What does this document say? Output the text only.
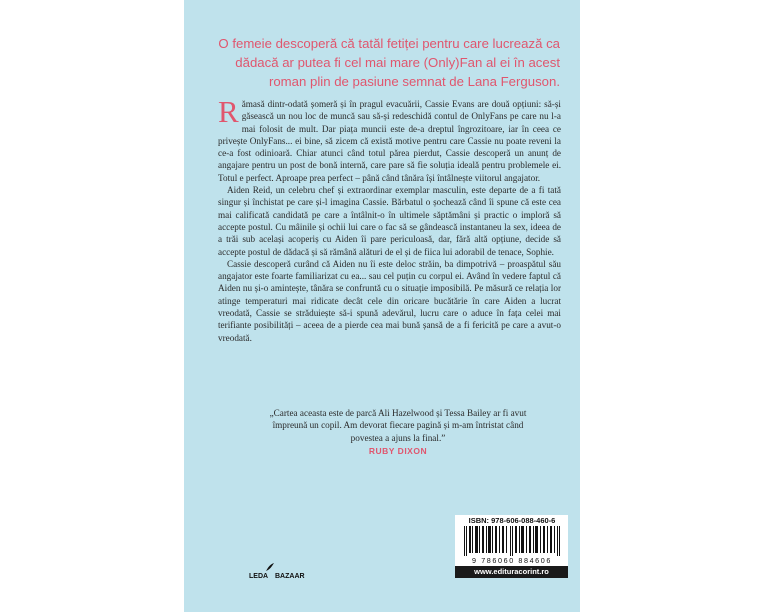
O femeie descoperă că tatăl fetiței pentru care lucrează ca dădacă ar putea fi cel mai mare (Only)Fan al ei în acest roman plin de pasiune semnat de Lana Ferguson.

Rămasă dintr-odată șomeră și în pragul evacuării, Cassie Evans are două opțiuni: să-și găsească un nou loc de muncă sau să-și redeschidă contul de OnlyFans pe care nu l-a mai folosit de mult. Dar piața muncii este de-a dreptul îngrozitoare, iar în ceea ce privește OnlyFans... ei bine, să zicem că există motive pentru care Cassie nu poate reveni la ce-a fost odinioară. Chiar atunci când totul părea pierdut, Cassie descoperă un anunț de angajare pentru un post de bonă internă, care pare să fie soluția ideală pentru problemele ei. Totul e perfect. Aproape prea perfect – până când tânăra își întâlnește viitorul angajator.

Aiden Reid, un celebru chef și extraordinar exemplar masculin, este departe de a fi tată singur și închistat pe care și-l imagina Cassie. Bărbatul o șochează când îi spune că este cea mai calificată candidată pe care a întâlnit-o în ultimele săptămâni și practic o imploră să accepte postul. Cu mâinile și ochii lui care o fac să se gândească instantaneu la sex, ideea de a trăi sub același acoperiș cu Aiden îi pare periculoasă, dar, fără altă opțiune, decide să accepte postul de dădacă și să rămână alături de el și de fiica lui adorabil de tenace, Sophie.

Cassie descoperă curând că Aiden nu îi este deloc străin, ba dimpotrivă – proaspătul său angajator este foarte familiarizat cu ea... sau cel puțin cu corpul ei. Având în vedere faptul că Aiden nu și-o amintește, tânăra se confruntă cu o situație imposibilă. Pe măsură ce relația lor atinge temperaturi mai ridicate decât cele din oricare bucătărie în care Aiden a lucrat vreodată, Cassie se străduiește să-i spună adevărul, lucru care o aduce în fața celei mai terifiante posibilități – aceea de a pierde cea mai bună șansă de a fi fericită pe care a avut-o vreodată.

„Cartea aceasta este de parcă Ali Hazelwood și Tessa Bailey ar fi avut împreună un copil. Am devorat fiecare pagină și m-am întristat când povestea a ajuns la final.”
RUBY DIXON
LEDA BAZAAR
ISBN: 978-606-088-460-6
9 786060 884606
www.edituracorint.ro
